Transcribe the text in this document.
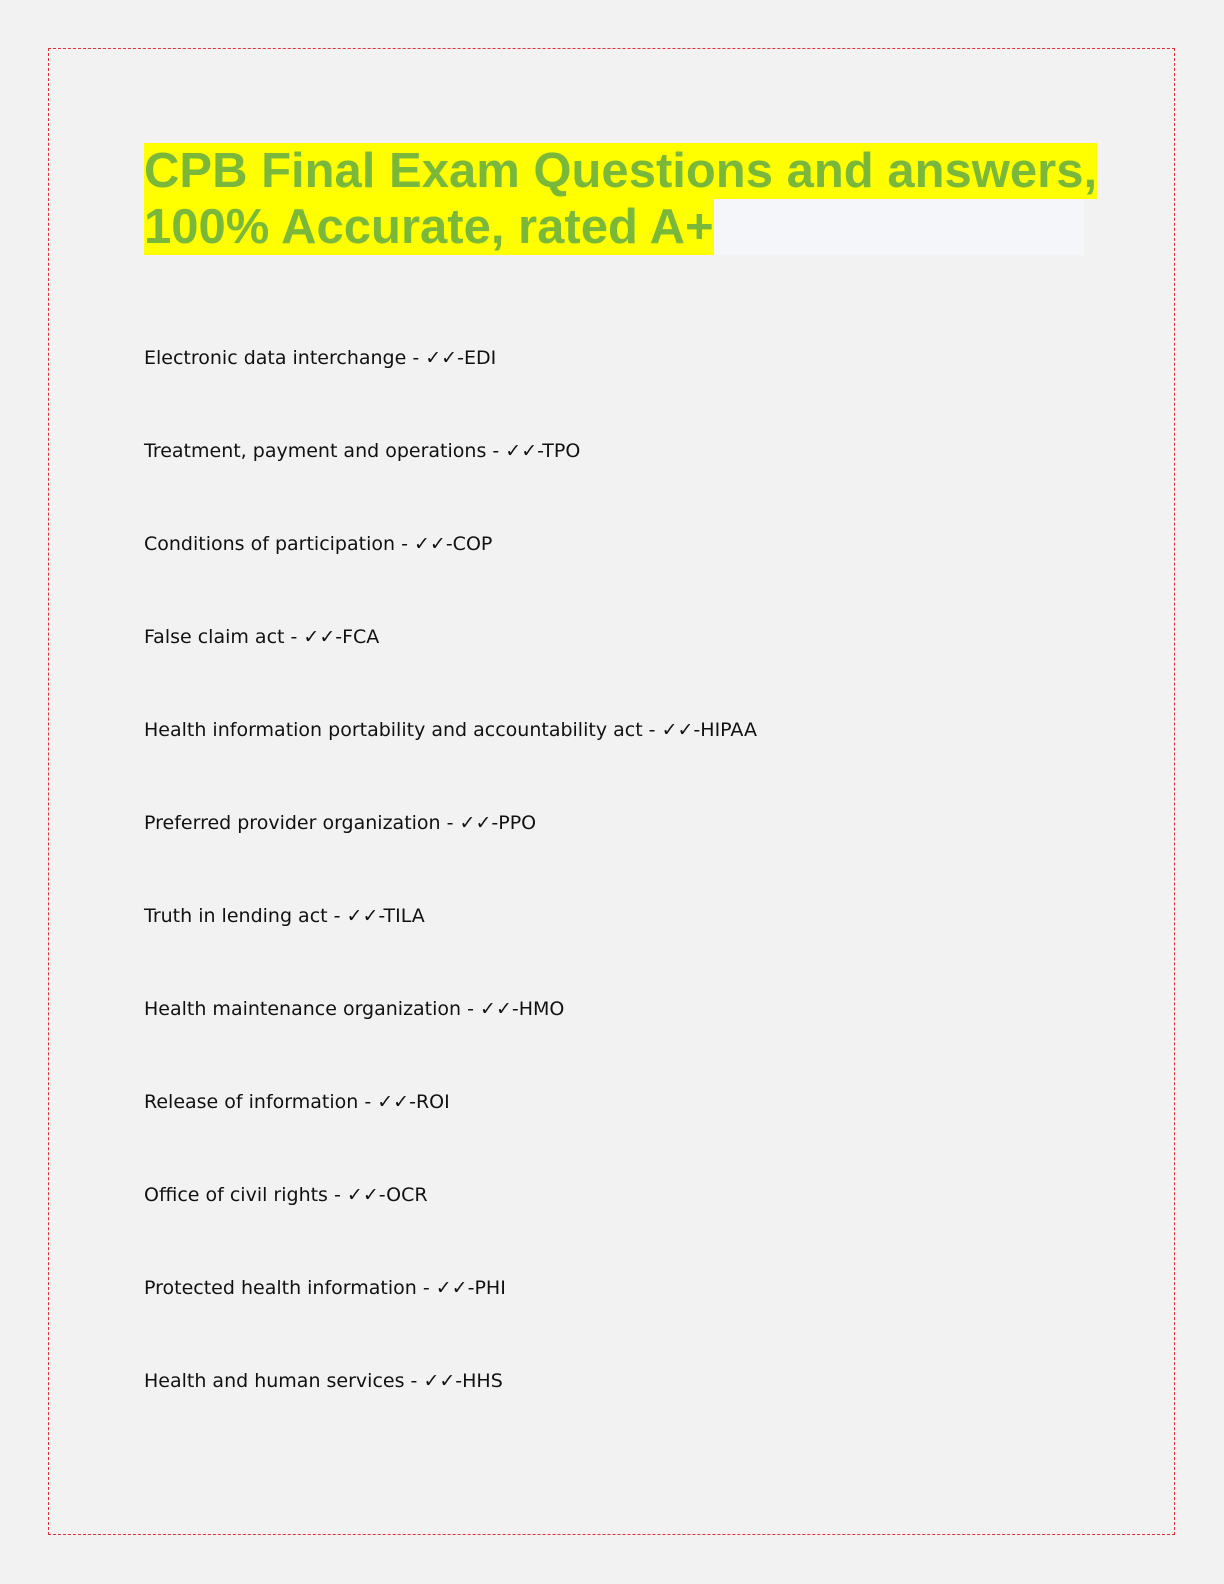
CPB Final Exam Questions and answers,
100% Accurate, rated A+
Electronic data interchange - ✓✓-EDI
Treatment, payment and operations - ✓✓-TPO
Conditions of participation - ✓✓-COP
False claim act - ✓✓-FCA
Health information portability and accountability act - ✓✓-HIPAA
Preferred provider organization - ✓✓-PPO
Truth in lending act - ✓✓-TILA
Health maintenance organization - ✓✓-HMO
Release of information - ✓✓-ROI
Office of civil rights - ✓✓-OCR
Protected health information - ✓✓-PHI
Health and human services - ✓✓-HHS
